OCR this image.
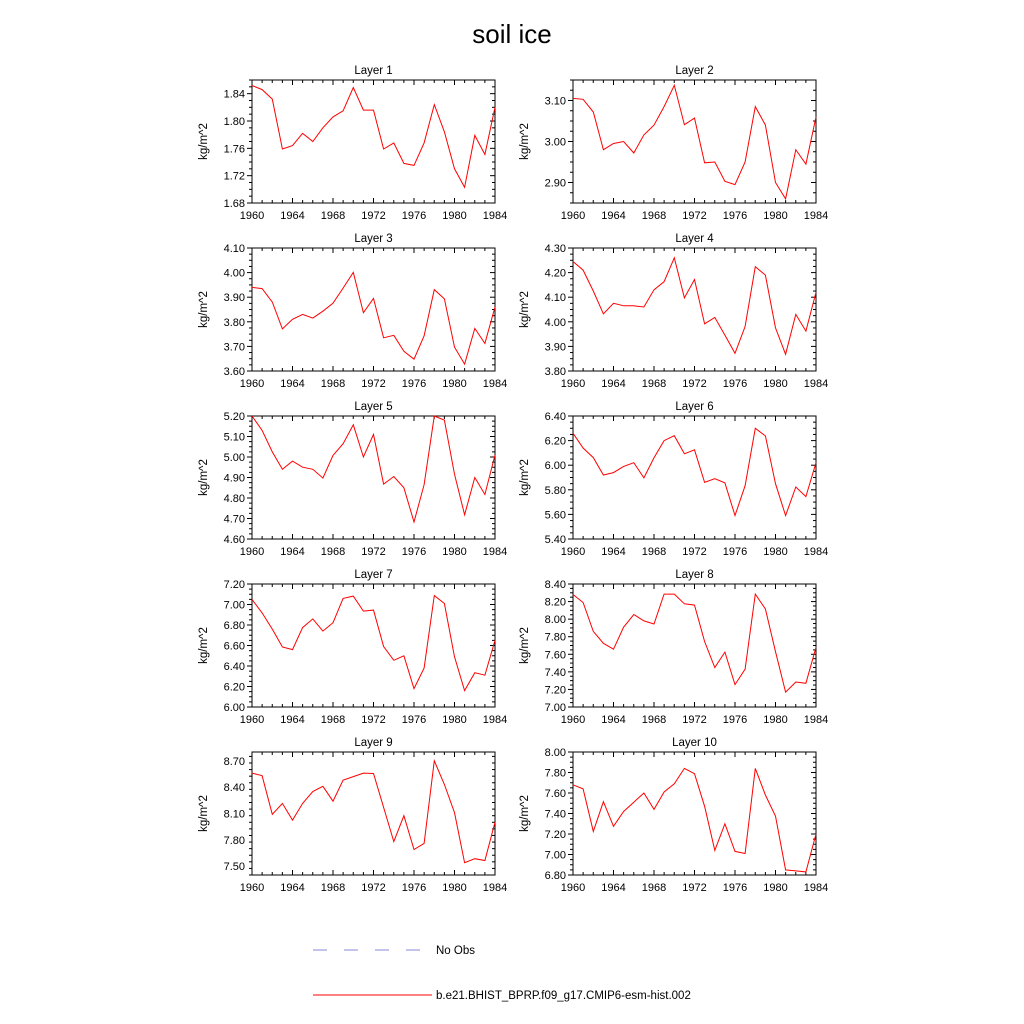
soil ice
Layer 1
1960 1964 1968 1972 1976 1980 1984
1.68
1.72
1.76
1.80
1.84
kg/m^2
Layer 2
1960 1964 1968 1972 1976 1980 1984
2.90
3.00
3.10
kg/m^2
Layer 3
1960 1964 1968 1972 1976 1980 1984
3.60
3.70
3.80
3.90
4.00
4.10
kg/m^2
Layer 4
1960 1964 1968 1972 1976 1980 1984
3.80
3.90
4.00
4.10
4.20
4.30
kg/m^2
Layer 5
1960 1964 1968 1972 1976 1980 1984
4.60
4.70
4.80
4.90
5.00
5.10
5.20
kg/m^2
Layer 6
1960 1964 1968 1972 1976 1980 1984
5.40
5.60
5.80
6.00
6.20
6.40
kg/m^2
Layer 7
1960 1964 1968 1972 1976 1980 1984
6.00
6.20
6.40
6.60
6.80
7.00
7.20
kg/m^2
Layer 8
1960 1964 1968 1972 1976 1980 1984
7.00
7.20
7.40
7.60
7.80
8.00
8.20
8.40
kg/m^2
Layer 9
1960 1964 1968 1972 1976 1980 1984
7.50
7.80
8.10
8.40
8.70
kg/m^2
Layer 10
1960 1964 1968 1972 1976 1980 1984
6.80
7.00
7.20
7.40
7.60
7.80
8.00
kg/m^2
No Obs
b.e21.BHIST_BPRP.f09_g17.CMIP6-esm-hist.002
